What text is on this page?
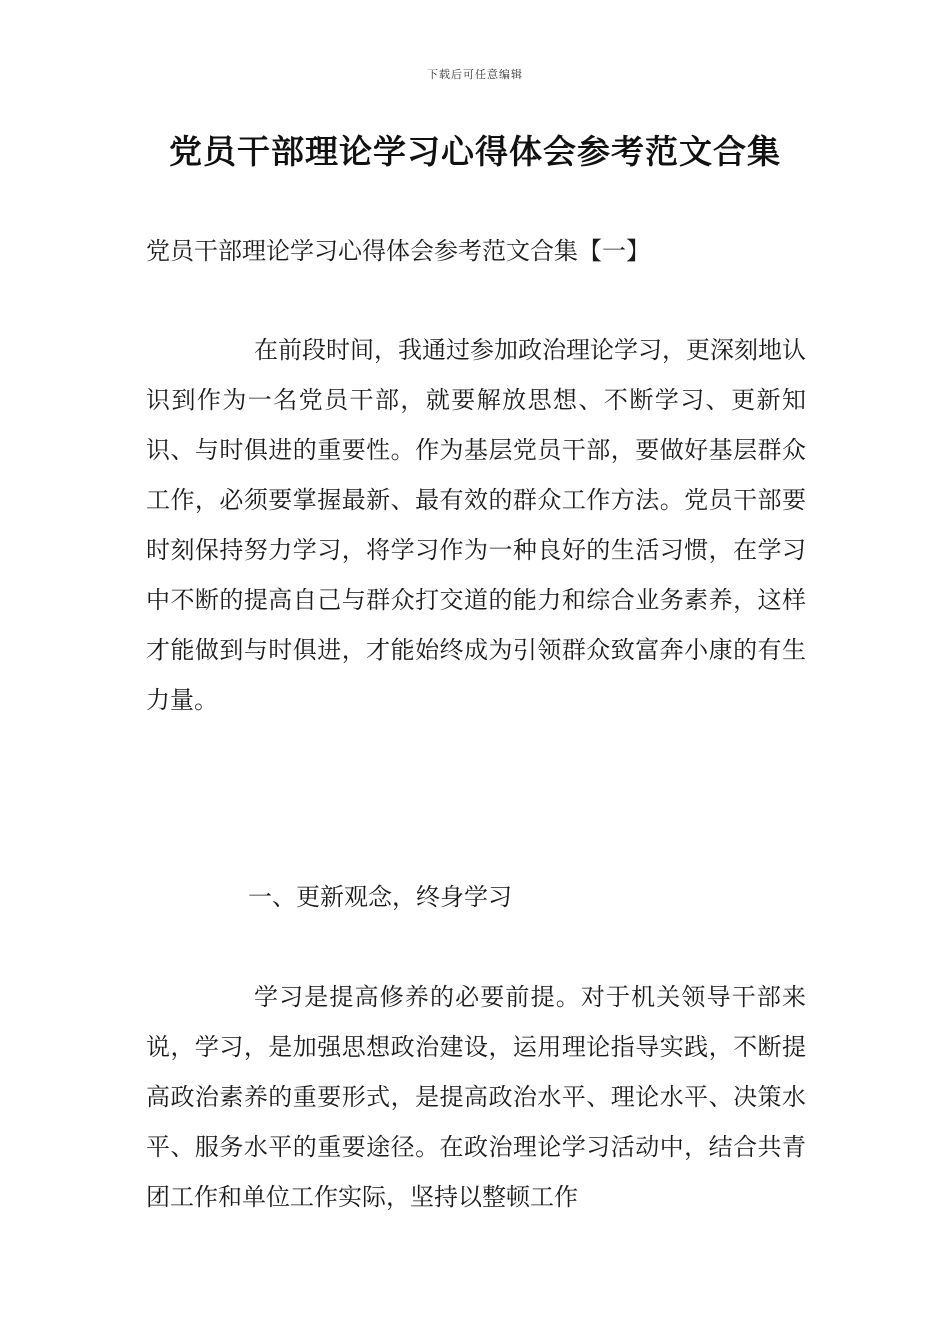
下载后可任意编辑
党员干部理论学习心得体会参考范文合集
党员干部理论学习心得体会参考范文合集【一】

在前段时间，我通过参加政治理论学习，更深刻地认识到作为一名党员干部，就要解放思想、不断学习、更新知识、与时俱进的重要性。作为基层党员干部，要做好基层群众工作，必须要掌握最新、最有效的群众工作方法。党员干部要时刻保持努力学习，将学习作为一种良好的生活习惯，在学习中不断的提高自己与群众打交道的能力和综合业务素养，这样才能做到与时俱进，才能始终成为引领群众致富奔小康的有生力量。

一、更新观念，终身学习

学习是提高修养的必要前提。对于机关领导干部来说，学习，是加强思想政治建设，运用理论指导实践，不断提高政治素养的重要形式，是提高政治水平、理论水平、决策水平、服务水平的重要途径。在政治理论学习活动中，结合共青团工作和单位工作实际，坚持以整顿工作
